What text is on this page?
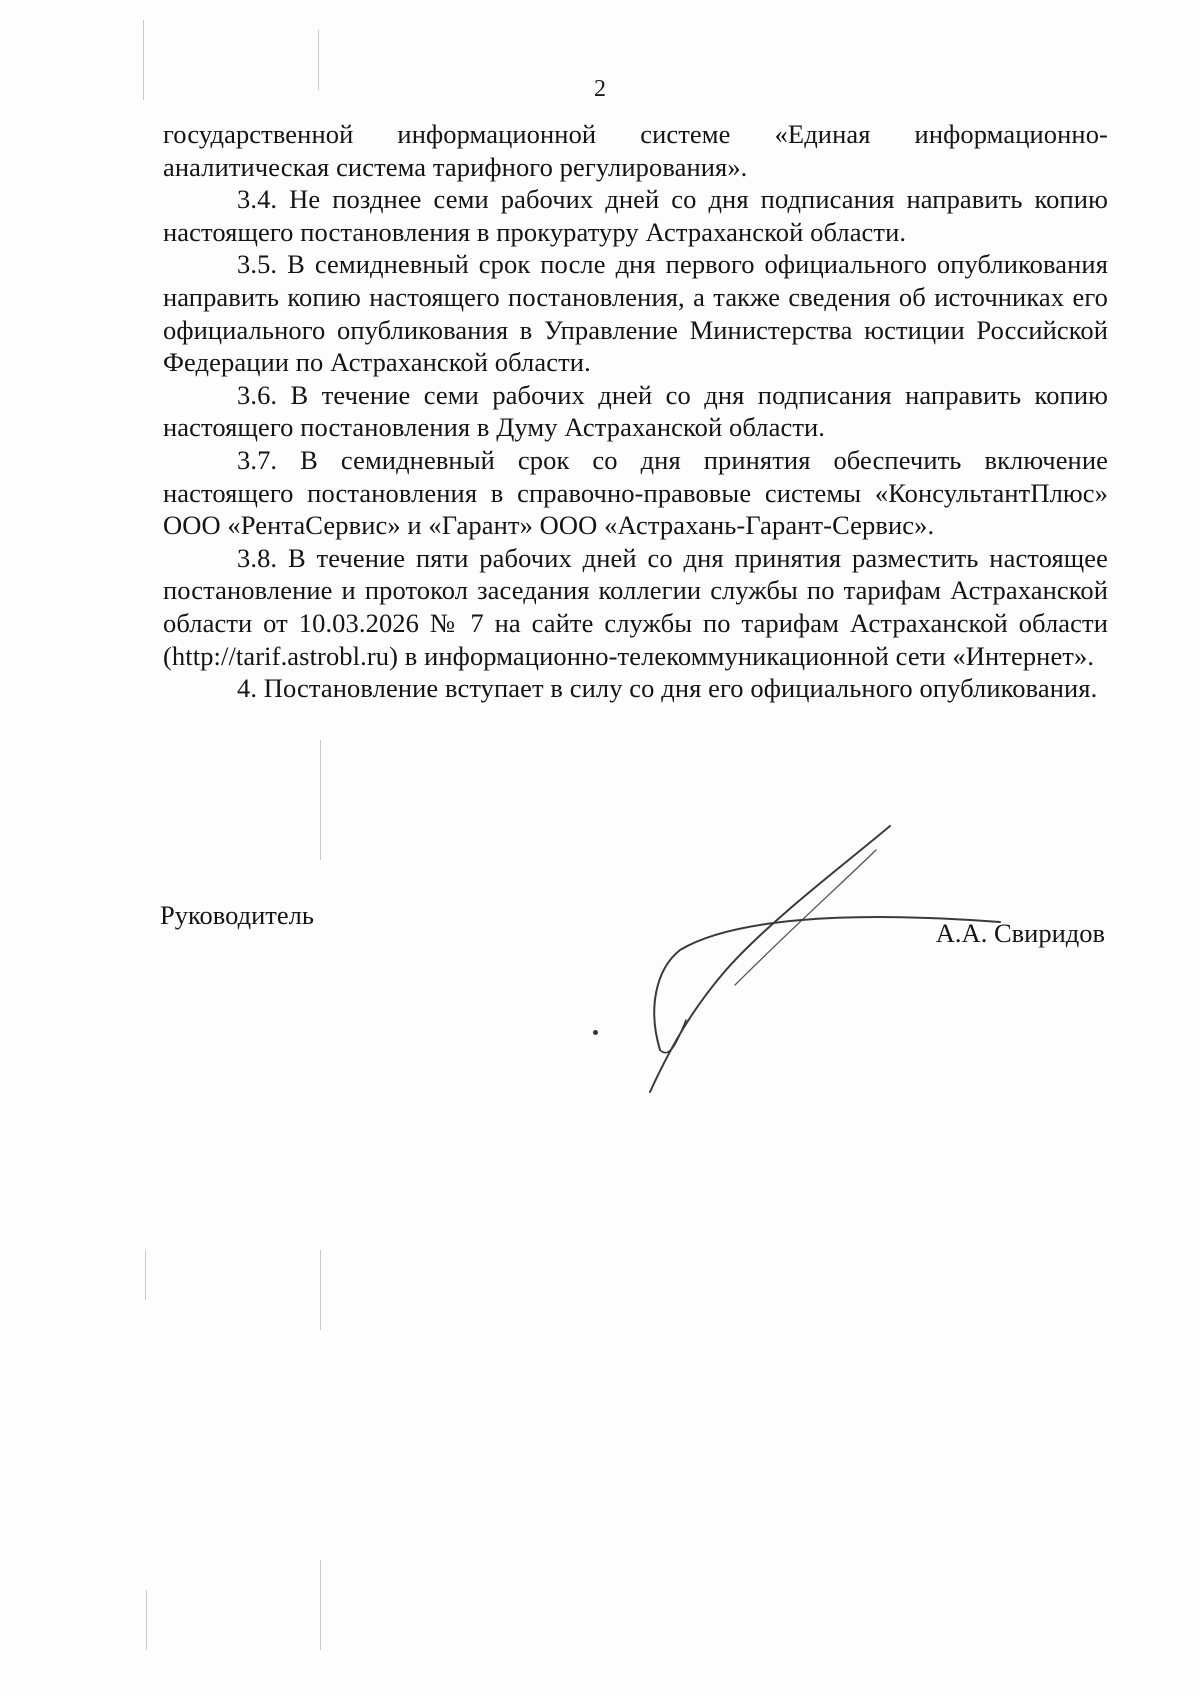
2

государственной информационной системе «Единая информационно-аналитическая система тарифного регулирования».

3.4. Не позднее семи рабочих дней со дня подписания направить копию настоящего постановления в прокуратуру Астраханской области.

3.5. В семидневный срок после дня первого официального опубликования направить копию настоящего постановления, а также сведения об источниках его официального опубликования в Управление Министерства юстиции Российской Федерации по Астраханской области.

3.6. В течение семи рабочих дней со дня подписания направить копию настоящего постановления в Думу Астраханской области.

3.7. В семидневный срок со дня принятия обеспечить включение настоящего постановления в справочно-правовые системы «КонсультантПлюс» ООО «РентаСервис» и «Гарант» ООО «Астрахань-Гарант-Сервис».

3.8. В течение пяти рабочих дней со дня принятия разместить настоящее постановление и протокол заседания коллегии службы по тарифам Астраханской области от 10.03.2026 № 7 на сайте службы по тарифам Астраханской области (http://tarif.astrobl.ru) в информационно-телекоммуникационной сети «Интернет».

4. Постановление вступает в силу со дня его официального опубликования.

Руководитель
А.А. Свиридов
